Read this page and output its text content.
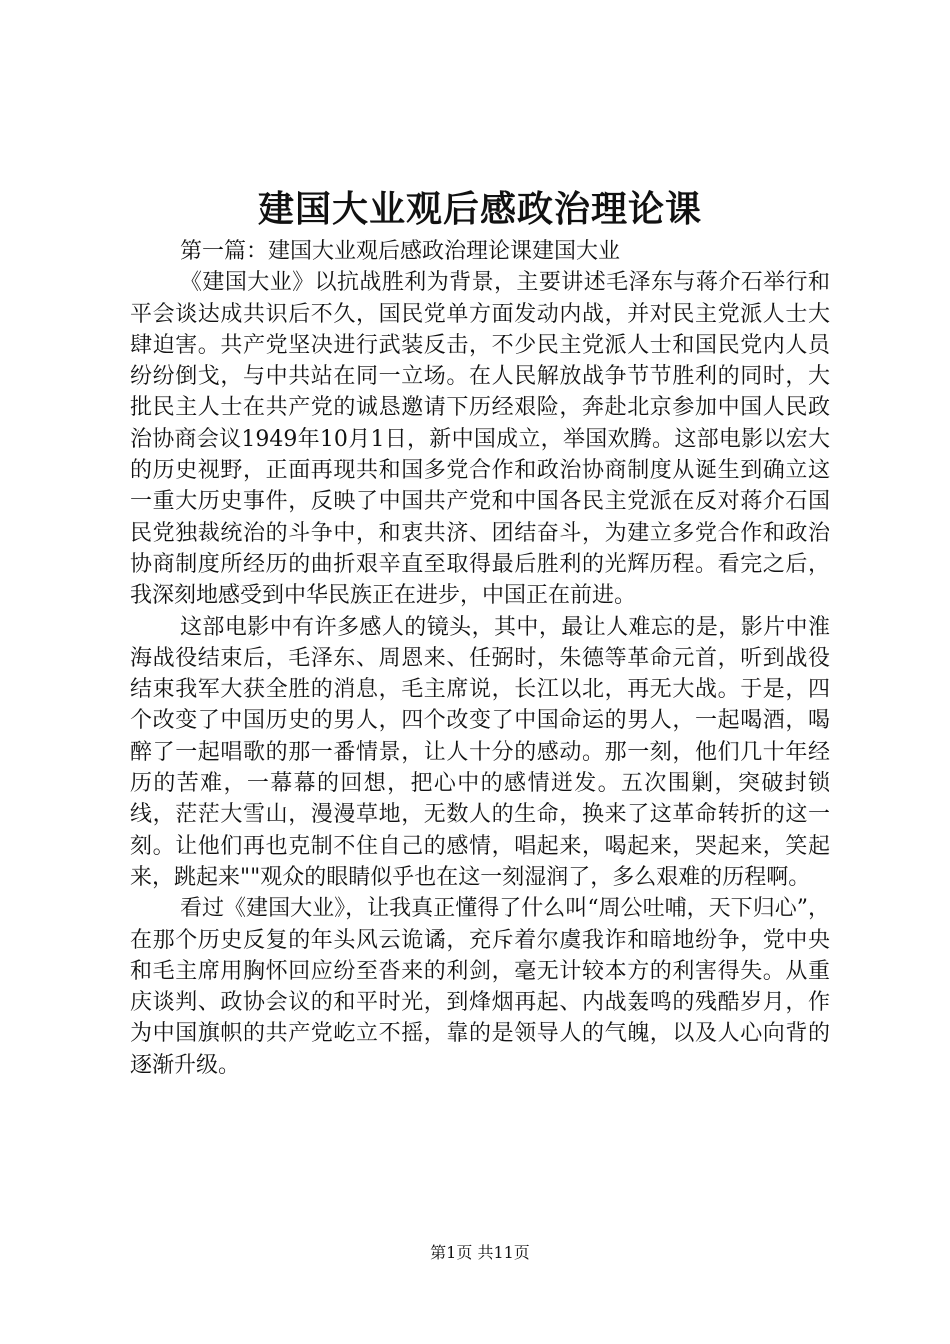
建国大业观后感政治理论课
第一篇：建国大业观后感政治理论课建国大业

《建国大业》以抗战胜利为背景，主要讲述毛泽东与蒋介石举行和平会谈达成共识后不久，国民党单方面发动内战，并对民主党派人士大肆迫害。共产党坚决进行武装反击，不少民主党派人士和国民党内人员纷纷倒戈，与中共站在同一立场。在人民解放战争节节胜利的同时，大批民主人士在共产党的诚恳邀请下历经艰险，奔赴北京参加中国人民政治协商会议1949年10月1日，新中国成立，举国欢腾。这部电影以宏大的历史视野，正面再现共和国多党合作和政治协商制度从诞生到确立这一重大历史事件，反映了中国共产党和中国各民主党派在反对蒋介石国民党独裁统治的斗争中，和衷共济、团结奋斗，为建立多党合作和政治协商制度所经历的曲折艰辛直至取得最后胜利的光辉历程。看完之后，我深刻地感受到中华民族正在进步，中国正在前进。

这部电影中有许多感人的镜头，其中，最让人难忘的是，影片中淮海战役结束后，毛泽东、周恩来、任弼时，朱德等革命元首，听到战役结束我军大获全胜的消息，毛主席说，长江以北，再无大战。于是，四个改变了中国历史的男人，四个改变了中国命运的男人，一起喝酒，喝醉了一起唱歌的那一番情景，让人十分的感动。那一刻，他们几十年经历的苦难，一幕幕的回想，把心中的感情迸发。五次围剿，突破封锁线，茫茫大雪山，漫漫草地，无数人的生命，换来了这革命转折的这一刻。让他们再也克制不住自己的感情，唱起来，喝起来，哭起来，笑起来，跳起来""观众的眼睛似乎也在这一刻湿润了，多么艰难的历程啊。

看过《建国大业》，让我真正懂得了什么叫“周公吐哺，天下归心”，在那个历史反复的年头风云诡谲，充斥着尔虞我诈和暗地纷争，党中央和毛主席用胸怀回应纷至沓来的利剑，毫无计较本方的利害得失。从重庆谈判、政协会议的和平时光，到烽烟再起、内战轰鸣的残酷岁月，作为中国旗帜的共产党屹立不摇，靠的是领导人的气魄，以及人心向背的逐渐升级。

第1页 共11页
